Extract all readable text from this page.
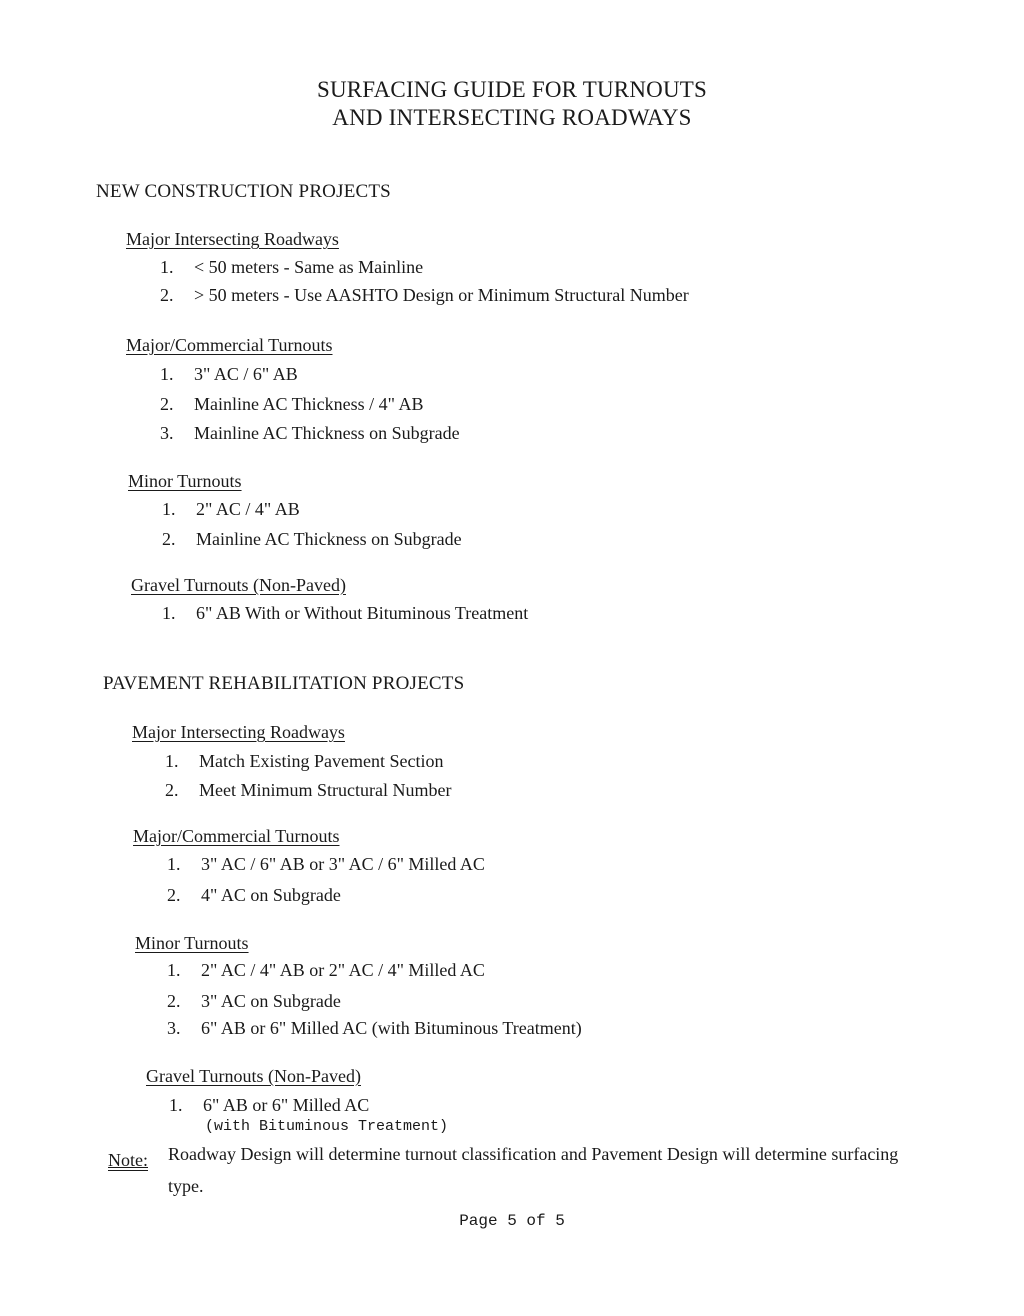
SURFACING GUIDE FOR TURNOUTS
AND INTERSECTING ROADWAYS
NEW CONSTRUCTION PROJECTS
Major Intersecting Roadways
1. < 50 meters - Same as Mainline
2. > 50 meters - Use AASHTO Design or Minimum Structural Number
Major/Commercial Turnouts
1. 3" AC / 6" AB
2. Mainline AC Thickness / 4" AB
3. Mainline AC Thickness on Subgrade
Minor Turnouts
1. 2" AC / 4" AB
2. Mainline AC Thickness on Subgrade
Gravel Turnouts (Non-Paved)
1. 6" AB With or Without Bituminous Treatment
PAVEMENT REHABILITATION PROJECTS
Major Intersecting Roadways
1. Match Existing Pavement Section
2. Meet Minimum Structural Number
Major/Commercial Turnouts
1. 3" AC / 6" AB or 3" AC / 6" Milled AC
2. 4" AC on Subgrade
Minor Turnouts
1. 2" AC / 4" AB or 2" AC / 4" Milled AC
2. 3" AC on Subgrade
3. 6" AB or 6" Milled AC (with Bituminous Treatment)
Gravel Turnouts (Non-Paved)
1. 6" AB or 6" Milled AC
(with Bituminous Treatment)
Note: Roadway Design will determine turnout classification and Pavement Design will determine surfacing type.
Page 5 of 5
